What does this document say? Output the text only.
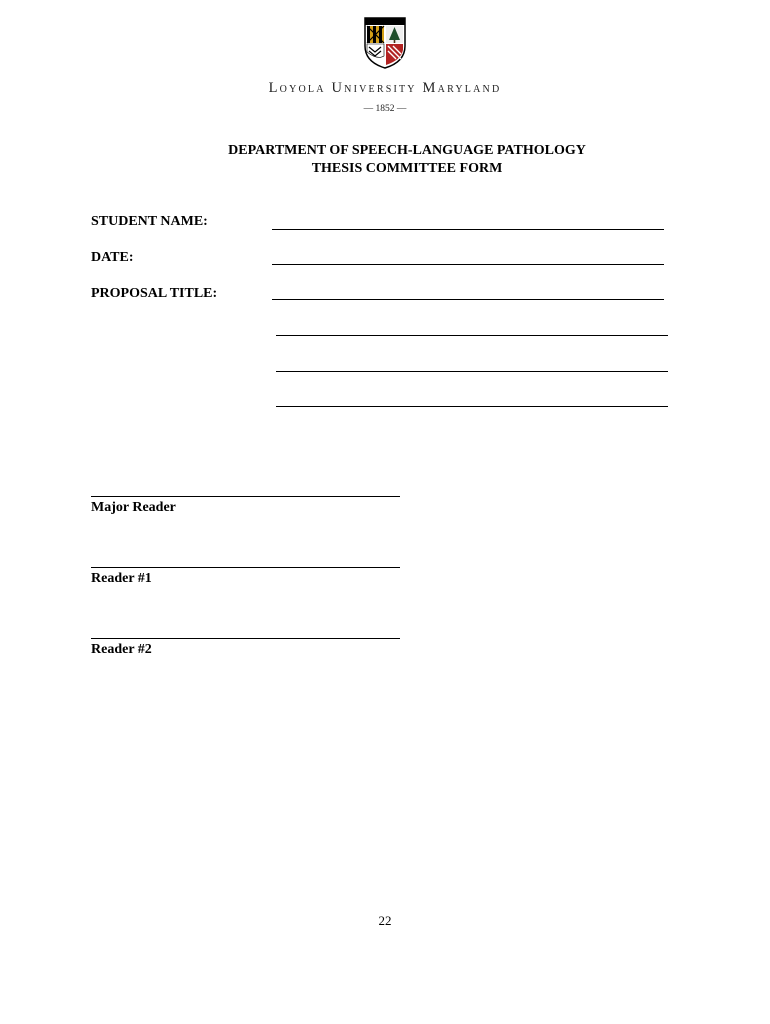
Loyola University Maryland
— 1852 —
DEPARTMENT OF SPEECH-LANGUAGE PATHOLOGY
THESIS COMMITTEE FORM
STUDENT NAME:
DATE:
PROPOSAL TITLE:
Major Reader
Reader #1
Reader #2
22
